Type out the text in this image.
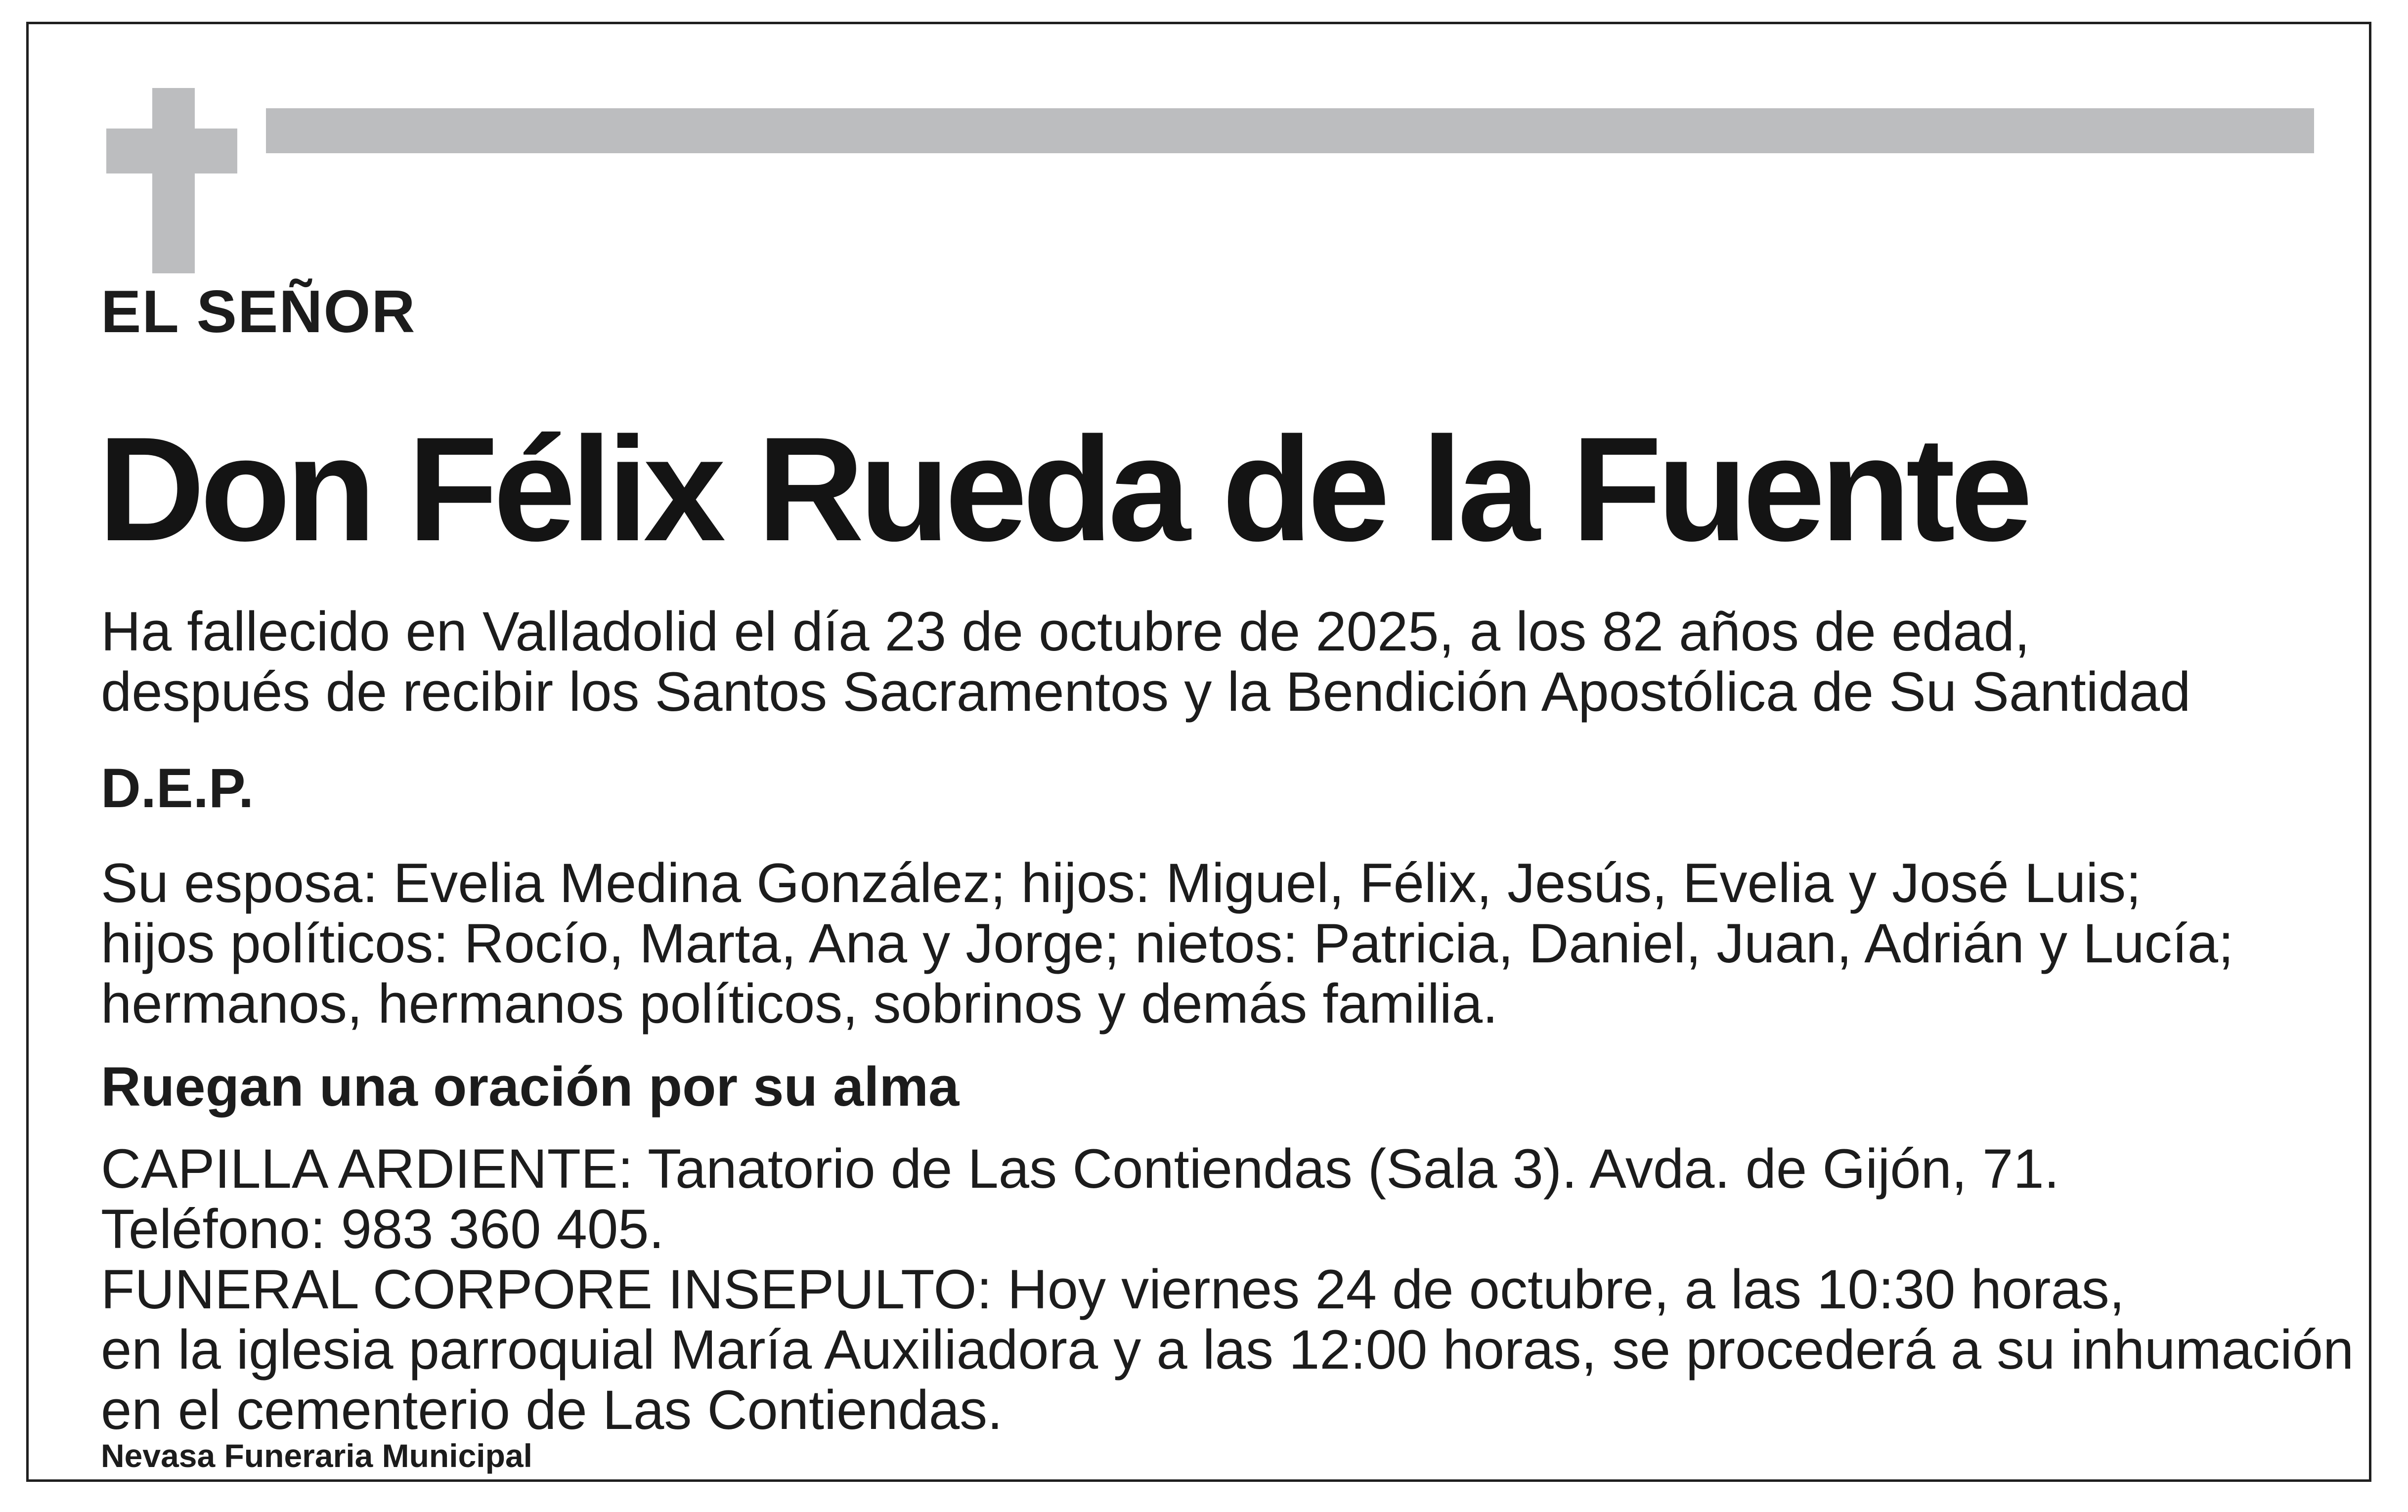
EL SEÑOR
Don Félix Rueda de la Fuente
Ha fallecido en Valladolid el día 23 de octubre de 2025, a los 82 años de edad,
después de recibir los Santos Sacramentos y la Bendición Apostólica de Su Santidad
D.E.P.
Su esposa: Evelia Medina González; hijos: Miguel, Félix, Jesús, Evelia y José Luis;
hijos políticos: Rocío, Marta, Ana y Jorge; nietos: Patricia, Daniel, Juan, Adrián y Lucía;
hermanos, hermanos políticos, sobrinos y demás familia.
Ruegan una oración por su alma
CAPILLA ARDIENTE: Tanatorio de Las Contiendas (Sala 3). Avda. de Gijón, 71.
Teléfono: 983 360 405.
FUNERAL CORPORE INSEPULTO: Hoy viernes 24 de octubre, a las 10:30 horas,
en la iglesia parroquial María Auxiliadora y a las 12:00 horas, se procederá a su inhumación
en el cementerio de Las Contiendas.
Nevasa Funeraria Municipal
